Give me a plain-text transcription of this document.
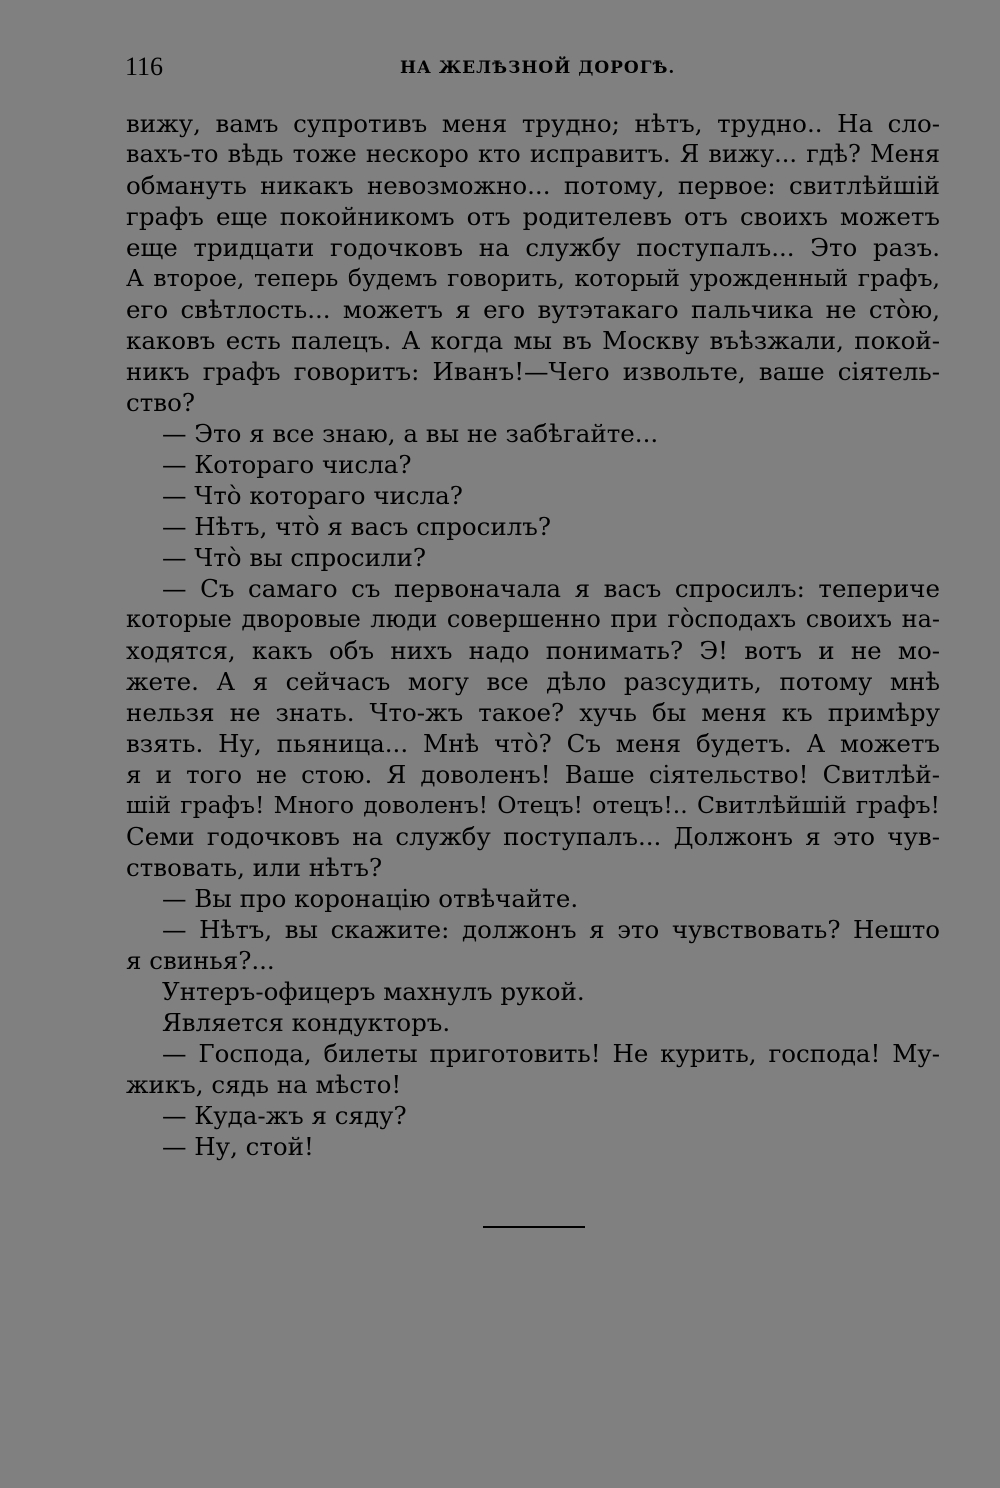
116	НА ЖЕЛѢЗНОЙ ДОРОГѢ.
вижу, вамъ супротивъ меня трудно; нѣтъ, трудно.. На сло-
вахъ-то вѣдь тоже нескоро кто исправитъ. Я вижу... гдѣ? Меня
обмануть никакъ невозможно... потому, первое: свитлѣйшій
графъ еще покойникомъ отъ родителевъ отъ своихъ можетъ
еще тридцати годочковъ на службу поступалъ... Это разъ.
А второе, теперь будемъ говорить, который урожденный графъ,
его свѣтлость... можетъ я его вутэтакаго пальчика не стòю,
каковъ есть палецъ. А когда мы въ Москву въѣзжали, покой-
никъ графъ говоритъ: Иванъ!—Чего извольте, ваше сіятель-
ство?
— Это я все знаю, а вы не забѣгайте...
— Котораго числа?
— Чтò котораго числа?
— Нѣтъ, чтò я васъ спросилъ?
— Чтò вы спросили?
— Съ самаго съ первоначала я васъ спросилъ: тепериче
которые дворовые люди совершенно при гòсподахъ своихъ на-
ходятся, какъ объ нихъ надо понимать? Э! вотъ и не мо-
жете. А я сейчасъ могу все дѣло разсудить, потому мнѣ
нельзя не знать. Что-жъ такое? хучь бы меня къ примѣру
взять. Ну, пьяница... Мнѣ чтò? Съ меня будетъ. А можетъ
я и того не стою. Я доволенъ! Ваше сіятельство! Свитлѣй-
шій графъ! Много доволенъ! Отецъ! отецъ!.. Свитлѣйшій графъ!
Семи годочковъ на службу поступалъ... Должонъ я это чув-
ствовать, или нѣтъ?
— Вы про коронацію отвѣчайте.
— Нѣтъ, вы скажите: должонъ я это чувствовать? Нешто
я свинья?...
Унтеръ-офицеръ махнулъ рукой.
Является кондукторъ.
— Господа, билеты приготовить! Не курить, господа! Му-
жикъ, сядь на мѣсто!
— Куда-жъ я сяду?
— Ну, стой!
